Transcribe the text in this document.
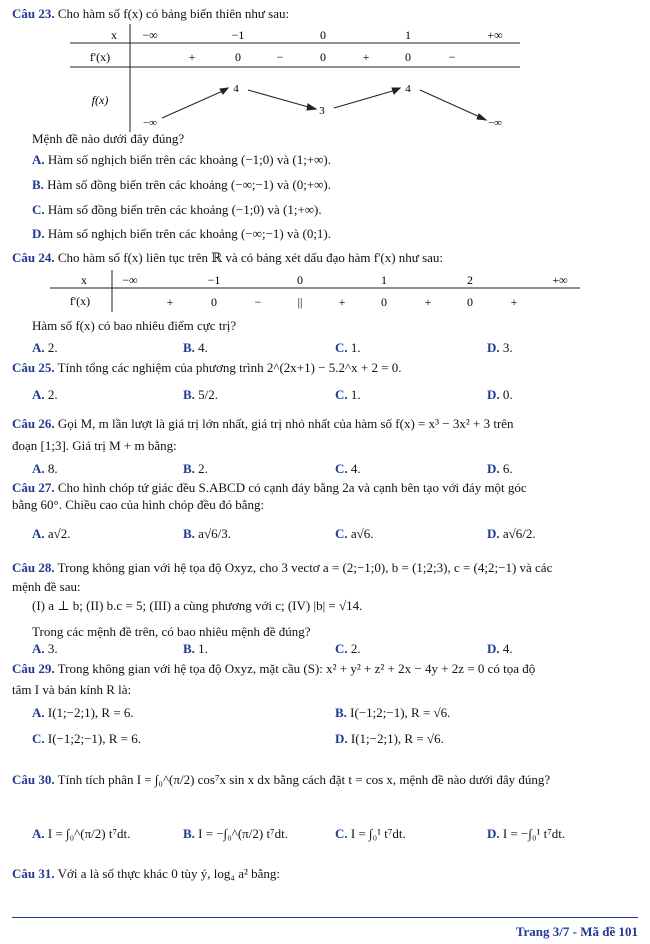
Câu 23. Cho hàm số f(x) có bảng biến thiên như sau:
x −∞	−1	0	1	+∞
f'(x)	+	0	−	0	+	0	−
f(x)
−∞
4
3
4
−∞
Mệnh đề nào dưới đây đúng?
A. Hàm số nghịch biến trên các khoảng (−1;0) và (1;+∞).
B. Hàm số đồng biến trên các khoảng (−∞;−1) và (0;+∞).
C. Hàm số đồng biến trên các khoảng (−1;0) và (1;+∞).
D. Hàm số nghịch biến trên các khoảng (−∞;−1) và (0;1).
Câu 24. Cho hàm số f(x) liên tục trên ℝ và có bảng xét dấu đạo hàm f'(x) như sau:
x	−∞	−1	0	1	2	+∞
f'(x)	+	0	−	||	+	0	+	0	+
Hàm số f(x) có bao nhiêu điểm cực trị?
A. 2.	B. 4.	C. 1.	D. 3.
Câu 25. Tính tổng các nghiệm của phương trình 2^(2x+1) − 5.2^x + 2 = 0.
A. 2.	B. 5/2.	C. 1.	D. 0.
Câu 26. Gọi M, m lần lượt là giá trị lớn nhất, giá trị nhỏ nhất của hàm số f(x) = x³ − 3x² + 3 trên
đoạn [1;3]. Giá trị M + m bằng:
A. 8.	B. 2.	C. 4.	D. 6.
Câu 27. Cho hình chóp tứ giác đều S.ABCD có cạnh đáy bằng 2a và cạnh bên tạo với đáy một góc
bằng 60°. Chiều cao của hình chóp đều đó bằng:
A. a√2.	B. a√6/3.	C. a√6.	D. a√6/2.
Câu 28. Trong không gian với hệ tọa độ Oxyz, cho 3 vectơ a = (2;−1;0), b = (1;2;3), c = (4;2;−1) và các
mệnh đề sau:
(I) a ⊥ b; (II) b.c = 5; (III) a cùng phương với c; (IV) |b| = √14.
Trong các mệnh đề trên, có bao nhiêu mệnh đề đúng?
A. 3.	B. 1.	C. 2.	D. 4.
Câu 29. Trong không gian với hệ tọa độ Oxyz, mặt cầu (S): x² + y² + z² + 2x − 4y + 2z = 0 có tọa độ
tâm I và bán kính R là:
A. I(1;−2;1), R = 6.	B. I(−1;2;−1), R = √6.
C. I(−1;2;−1), R = 6.	D. I(1;−2;1), R = √6.
Câu 30. Tính tích phân I = ∫₀^(π/2) cos⁷x sin x dx bằng cách đặt t = cos x, mệnh đề nào dưới đây đúng?
A. I = ∫₀^(π/2) t⁷dt.	B. I = −∫₀^(π/2) t⁷dt.	C. I = ∫₀¹ t⁷dt.	D. I = −∫₀¹ t⁷dt.
Câu 31. Với a là số thực khác 0 tùy ý, log₄ a² bằng:
Trang 3/7 - Mã đề 101
